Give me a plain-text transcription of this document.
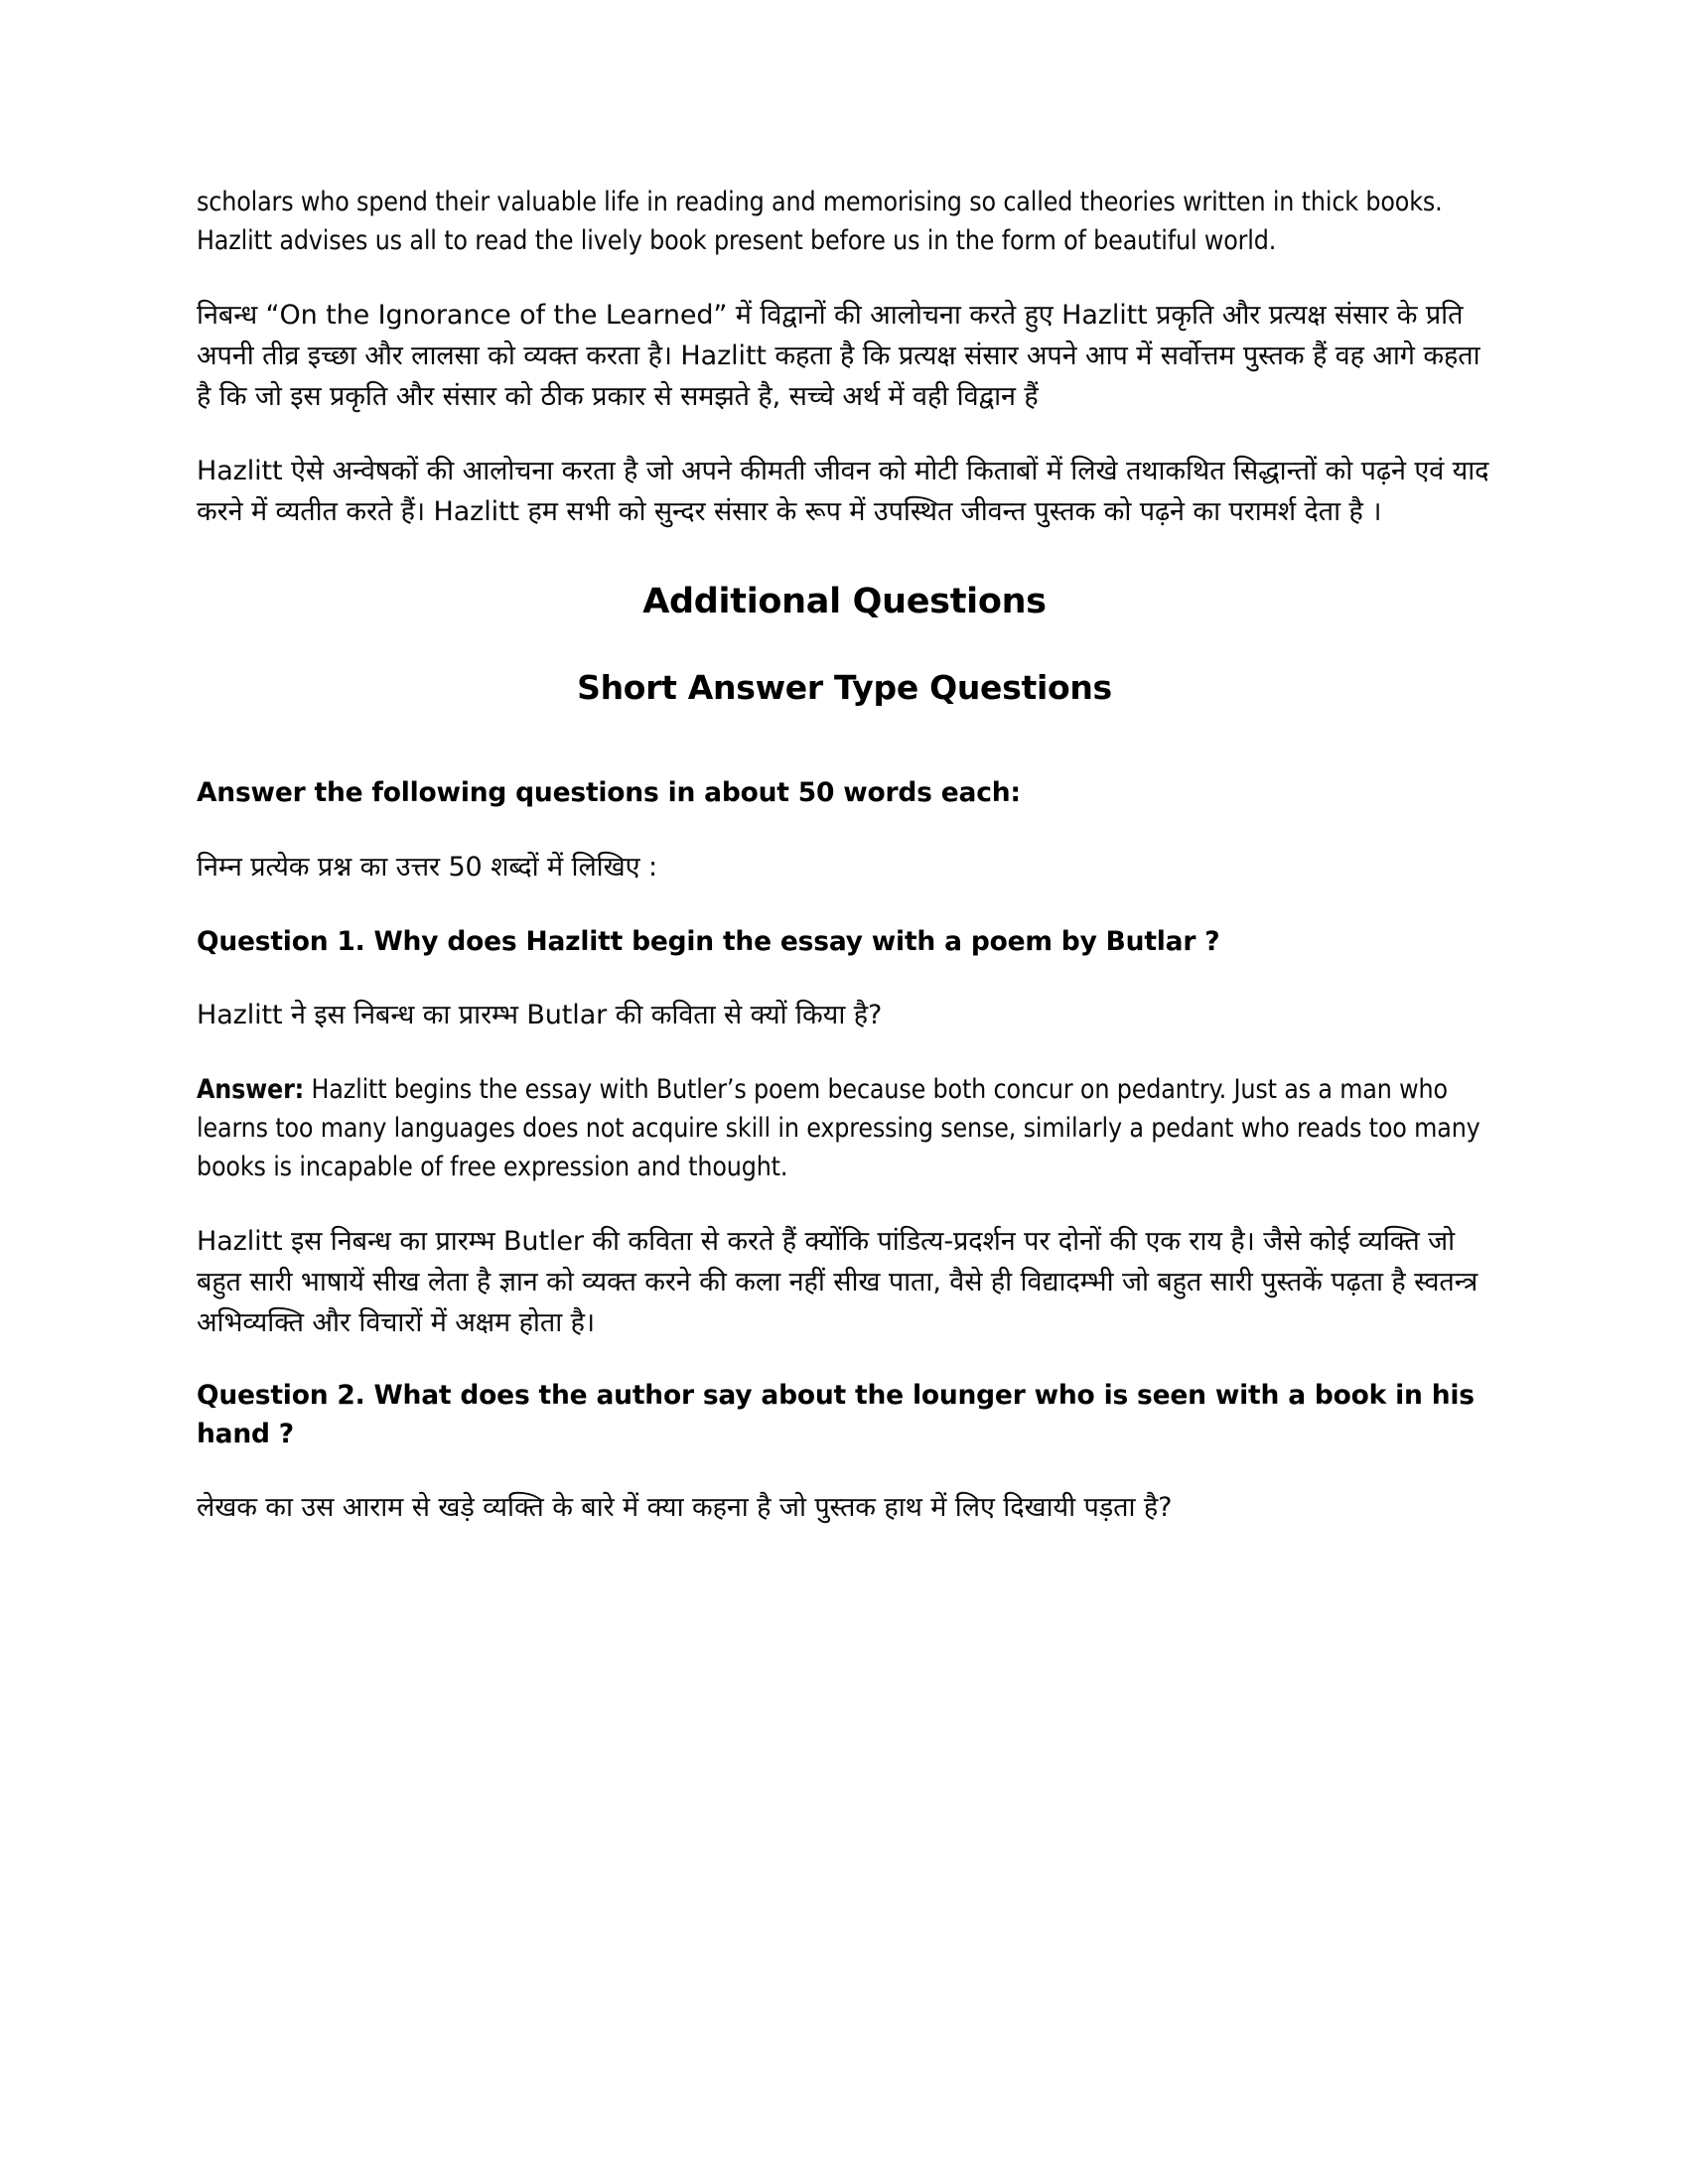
scholars who spend their valuable life in reading and memorising so called theories written in thick books. Hazlitt advises us all to read the lively book present before us in the form of beautiful world.

निबन्ध “On the Ignorance of the Learned” में विद्वानों की आलोचना करते हुए Hazlitt प्रकृति और प्रत्यक्ष संसार के प्रति अपनी तीव्र इच्छा और लालसा को व्यक्त करता है। Hazlitt कहता है कि प्रत्यक्ष संसार अपने आप में सर्वोत्तम पुस्तक हैं वह आगे कहता है कि जो इस प्रकृति और संसार को ठीक प्रकार से समझते है, सच्चे अर्थ में वही विद्वान हैं

Hazlitt ऐसे अन्वेषकों की आलोचना करता है जो अपने कीमती जीवन को मोटी किताबों में लिखे तथाकथित सिद्धान्तों को पढ़ने एवं याद करने में व्यतीत करते हैं। Hazlitt हम सभी को सुन्दर संसार के रूप में उपस्थित जीवन्त पुस्तक को पढ़ने का परामर्श देता है ।

Additional Questions
Short Answer Type Questions

Answer the following questions in about 50 words each:

निम्न प्रत्येक प्रश्न का उत्तर 50 शब्दों में लिखिए :

Question 1. Why does Hazlitt begin the essay with a poem by Butlar ?

Hazlitt ने इस निबन्ध का प्रारम्भ Butlar की कविता से क्यों किया है?

Answer: Hazlitt begins the essay with Butler’s poem because both concur on pedantry. Just as a man who learns too many languages does not acquire skill in expressing sense, similarly a pedant who reads too many books is incapable of free expression and thought.

Hazlitt इस निबन्ध का प्रारम्भ Butler की कविता से करते हैं क्योंकि पांडित्य-प्रदर्शन पर दोनों की एक राय है। जैसे कोई व्यक्ति जो बहुत सारी भाषायें सीख लेता है ज्ञान को व्यक्त करने की कला नहीं सीख पाता, वैसे ही विद्यादम्भी जो बहुत सारी पुस्तकें पढ़ता है स्वतन्त्र अभिव्यक्ति और विचारों में अक्षम होता है।

Question 2. What does the author say about the lounger who is seen with a book in his hand ?

लेखक का उस आराम से खड़े व्यक्ति के बारे में क्या कहना है जो पुस्तक हाथ में लिए दिखायी पड़ता है?
